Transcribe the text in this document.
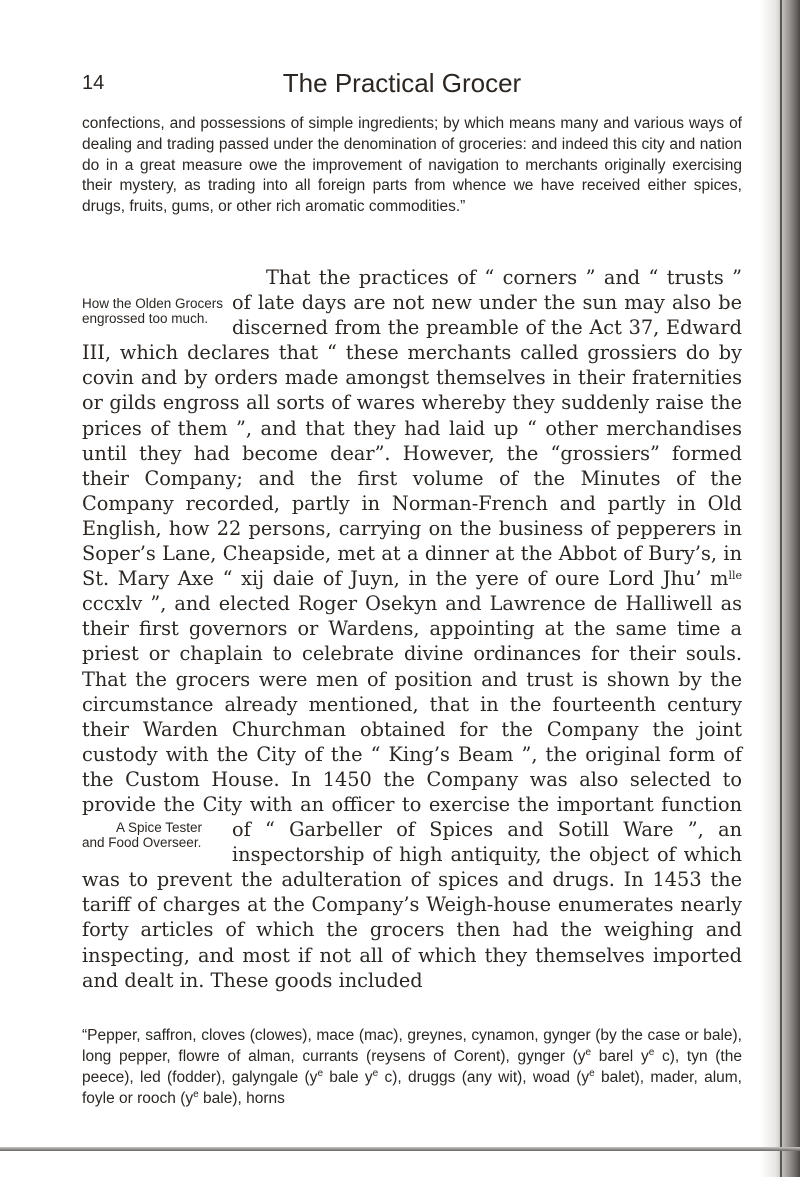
14	The Practical Grocer

confections, and possessions of simple ingredients; by which means many and various ways of dealing and trading passed under the denomination of groceries: and indeed this city and nation do in a great measure owe the improvement of navigation to merchants originally exercising their mystery, as trading into all foreign parts from whence we have received either spices, drugs, fruits, gums, or other rich aromatic commodities.”

How the Olden Grocers engrossed too much.

That the practices of “ corners ” and “ trusts ” of late days are not new under the sun may also be discerned from the preamble of the Act 37, Edward III, which declares that “ these merchants called grossiers do by covin and by orders made amongst themselves in their fraternities or gilds engross all sorts of wares whereby they suddenly raise the prices of them ”, and that they had laid up “ other merchandises until they had become dear”. However, the “grossiers” formed their Company; and the first volume of the Minutes of the Company recorded, partly in Norman-French and partly in Old English, how 22 persons, carrying on the business of pepperers in Soper’s Lane, Cheapside, met at a dinner at the Abbot of Bury’s, in St. Mary Axe “ xij daie of Juyn, in the yere of oure Lord Jhu’ $m^{lle}$ cccxlv ”, and elected Roger Osekyn and Lawrence de Halliwell as their first governors or Wardens, appointing at the same time a priest or chaplain to celebrate divine ordinances for their souls. That the grocers were men of position and trust is shown by the circumstance already mentioned, that in the fourteenth century their Warden Churchman obtained for the Company the joint custody with the City of the “ King’s Beam ”, the original form of the Custom House. In 1450 the Company was also selected to provide the City with an officer to exercise the important
A Spice Tester and Food Overseer.
function of “ Garbeller of Spices and Sotill Ware ”, an inspectorship of high antiquity, the object of which was to prevent the adulteration of spices and drugs. In 1453 the tariff of charges at the Company’s Weigh-house enumerates nearly forty articles of which the grocers then had the weighing and inspecting, and most if not all of which they themselves imported and dealt in. These goods included

“Pepper, saffron, cloves (clowes), mace (mac), greynes, cynamon, gynger (by the case or bale), long pepper, flowre of alman, currants (reysens of Corent), gynger ($y^e$ barel $y^e$ c), tyn (the peece), led (fodder), galyngale ($y^e$ bale $y^e$ c), druggs (any wit), woad ($y^e$ balet), mader, alum, foyle or rooch ($y^e$ bale), horns
